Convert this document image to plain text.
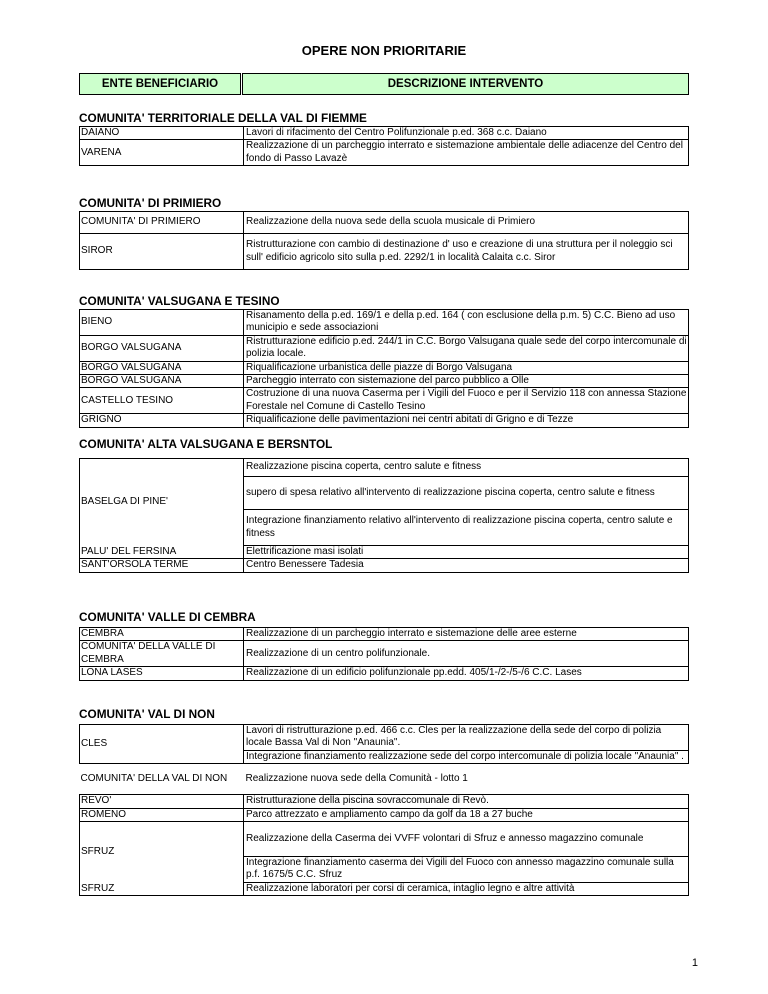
OPERE NON PRIORITARIE
ENTE BENEFICIARIO	DESCRIZIONE INTERVENTO
COMUNITA' TERRITORIALE DELLA VAL DI FIEMME
DAIANO	Lavori di rifacimento del Centro Polifunzionale p.ed. 368 c.c. Daiano
VARENA	Realizzazione di un parcheggio interrato e sistemazione ambientale delle adiacenze del Centro del fondo di Passo Lavazè
COMUNITA' DI PRIMIERO
COMUNITA' DI PRIMIERO	Realizzazione della nuova sede della scuola musicale di Primiero
SIROR	Ristrutturazione con cambio di destinazione d' uso e creazione di una struttura per il noleggio sci sull' edificio agricolo sito sulla p.ed. 2292/1 in località Calaita c.c. Siror
COMUNITA' VALSUGANA E TESINO
BIENO	Risanamento della p.ed. 169/1 e della p.ed. 164 ( con esclusione della p.m. 5) C.C. Bieno ad uso municipio e sede associazioni
BORGO VALSUGANA	Ristrutturazione edificio p.ed. 244/1 in C.C. Borgo Valsugana quale sede del corpo intercomunale di polizia locale.
BORGO VALSUGANA	Riqualificazione urbanistica delle piazze di Borgo Valsugana
BORGO VALSUGANA	Parcheggio interrato con sistemazione del parco pubblico a Olle
CASTELLO TESINO	Costruzione di una nuova Caserma per i Vigili del Fuoco e per il Servizio 118 con annessa Stazione Forestale nel Comune di Castello Tesino
GRIGNO	Riqualificazione delle pavimentazioni nei centri abitati di Grigno e di Tezze
COMUNITA' ALTA VALSUGANA E BERSNTOL
BASELGA DI PINE'	Realizzazione piscina coperta, centro salute e fitness
	supero di spesa relativo all'intervento di realizzazione piscina coperta, centro salute e fitness
	Integrazione finanziamento relativo all'intervento di realizzazione piscina coperta, centro salute e fitness
PALU' DEL FERSINA	Elettrificazione masi isolati
SANT'ORSOLA TERME	Centro Benessere Tadesia
COMUNITA' VALLE DI CEMBRA
CEMBRA	Realizzazione di un parcheggio interrato e sistemazione delle aree esterne
COMUNITA' DELLA VALLE DI CEMBRA	Realizzazione di un centro polifunzionale.
LONA LASES	Realizzazione di un edificio polifunzionale pp.edd. 405/1-/2-/5-/6 C.C. Lases
COMUNITA' VAL DI NON
CLES	Lavori di ristrutturazione p.ed. 466 c.c. Cles per la realizzazione della sede del corpo di polizia locale Bassa Val di Non "Anaunia".
	Integrazione finanziamento realizzazione sede del corpo intercomunale di polizia locale "Anaunia" .
COMUNITA' DELLA VAL DI NON	Realizzazione nuova sede della Comunità - lotto 1
REVO'	Ristrutturazione della piscina sovraccomunale di Revò.
ROMENO	Parco attrezzato e ampliamento campo da golf da 18 a 27 buche
SFRUZ	Realizzazione della Caserma dei VVFF volontari di Sfruz e annesso magazzino comunale
	Integrazione finanziamento caserma dei Vigili del Fuoco con annesso magazzino comunale sulla p.f. 1675/5 C.C. Sfruz
SFRUZ	Realizzazione laboratori per corsi di ceramica, intaglio legno e altre attività
1
